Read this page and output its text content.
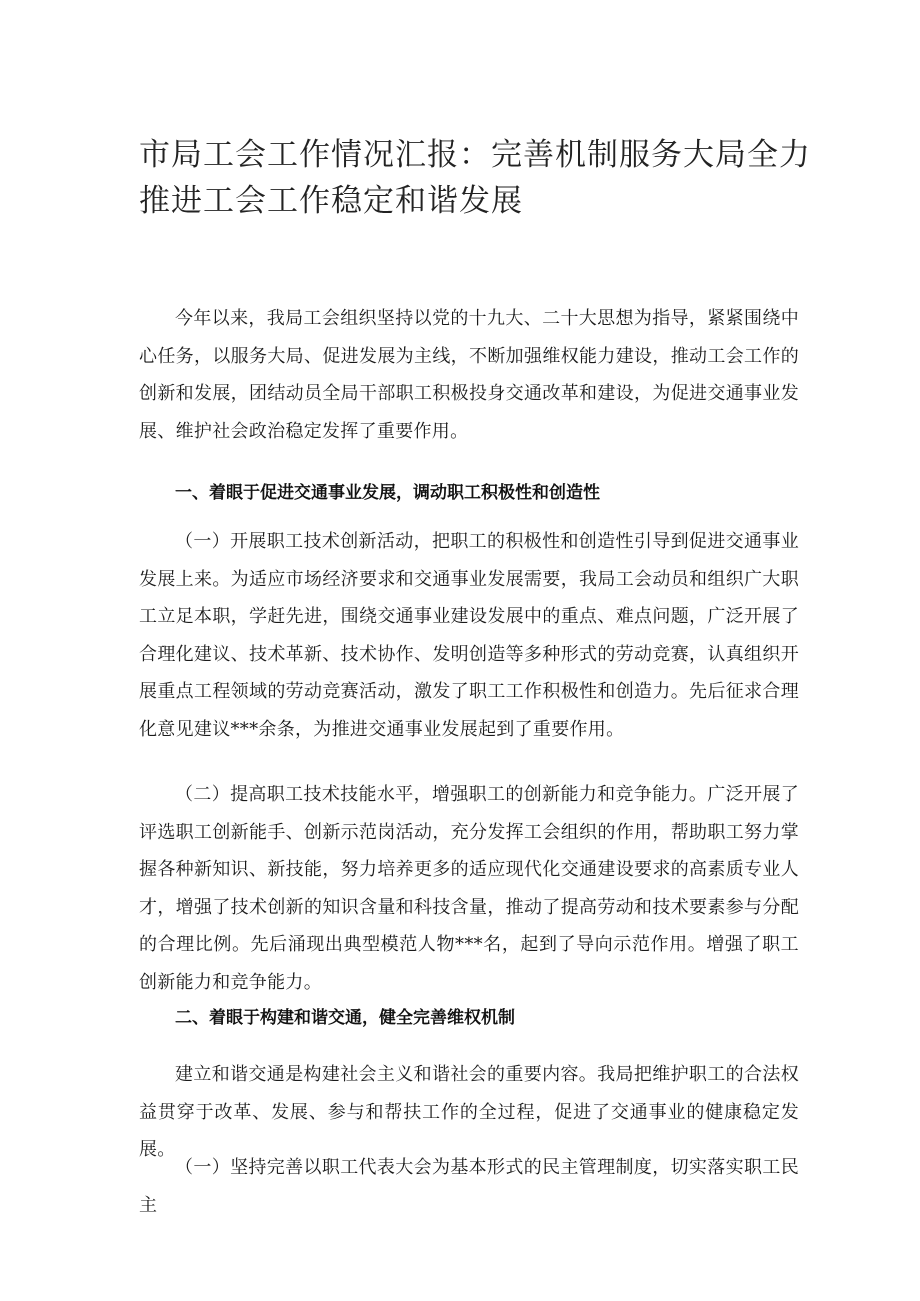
市局工会工作情况汇报：完善机制服务大局全力推进工会工作稳定和谐发展

今年以来，我局工会组织坚持以党的十九大、二十大思想为指导，紧紧围绕中心任务，以服务大局、促进发展为主线，不断加强维权能力建设，推动工会工作的创新和发展，团结动员全局干部职工积极投身交通改革和建设，为促进交通事业发展、维护社会政治稳定发挥了重要作用。

一、着眼于促进交通事业发展，调动职工积极性和创造性

（一）开展职工技术创新活动，把职工的积极性和创造性引导到促进交通事业发展上来。为适应市场经济要求和交通事业发展需要，我局工会动员和组织广大职工立足本职，学赶先进，围绕交通事业建设发展中的重点、难点问题，广泛开展了合理化建议、技术革新、技术协作、发明创造等多种形式的劳动竞赛，认真组织开展重点工程领域的劳动竞赛活动，激发了职工工作积极性和创造力。先后征求合理化意见建议***余条，为推进交通事业发展起到了重要作用。

（二）提高职工技术技能水平，增强职工的创新能力和竞争能力。广泛开展了评选职工创新能手、创新示范岗活动，充分发挥工会组织的作用，帮助职工努力掌握各种新知识、新技能，努力培养更多的适应现代化交通建设要求的高素质专业人才，增强了技术创新的知识含量和科技含量，推动了提高劳动和技术要素参与分配的合理比例。先后涌现出典型模范人物***名，起到了导向示范作用。增强了职工创新能力和竞争能力。

二、着眼于构建和谐交通，健全完善维权机制

建立和谐交通是构建社会主义和谐社会的重要内容。我局把维护职工的合法权益贯穿于改革、发展、参与和帮扶工作的全过程，促进了交通事业的健康稳定发展。

（一）坚持完善以职工代表大会为基本形式的民主管理制度，切实落实职工民主
